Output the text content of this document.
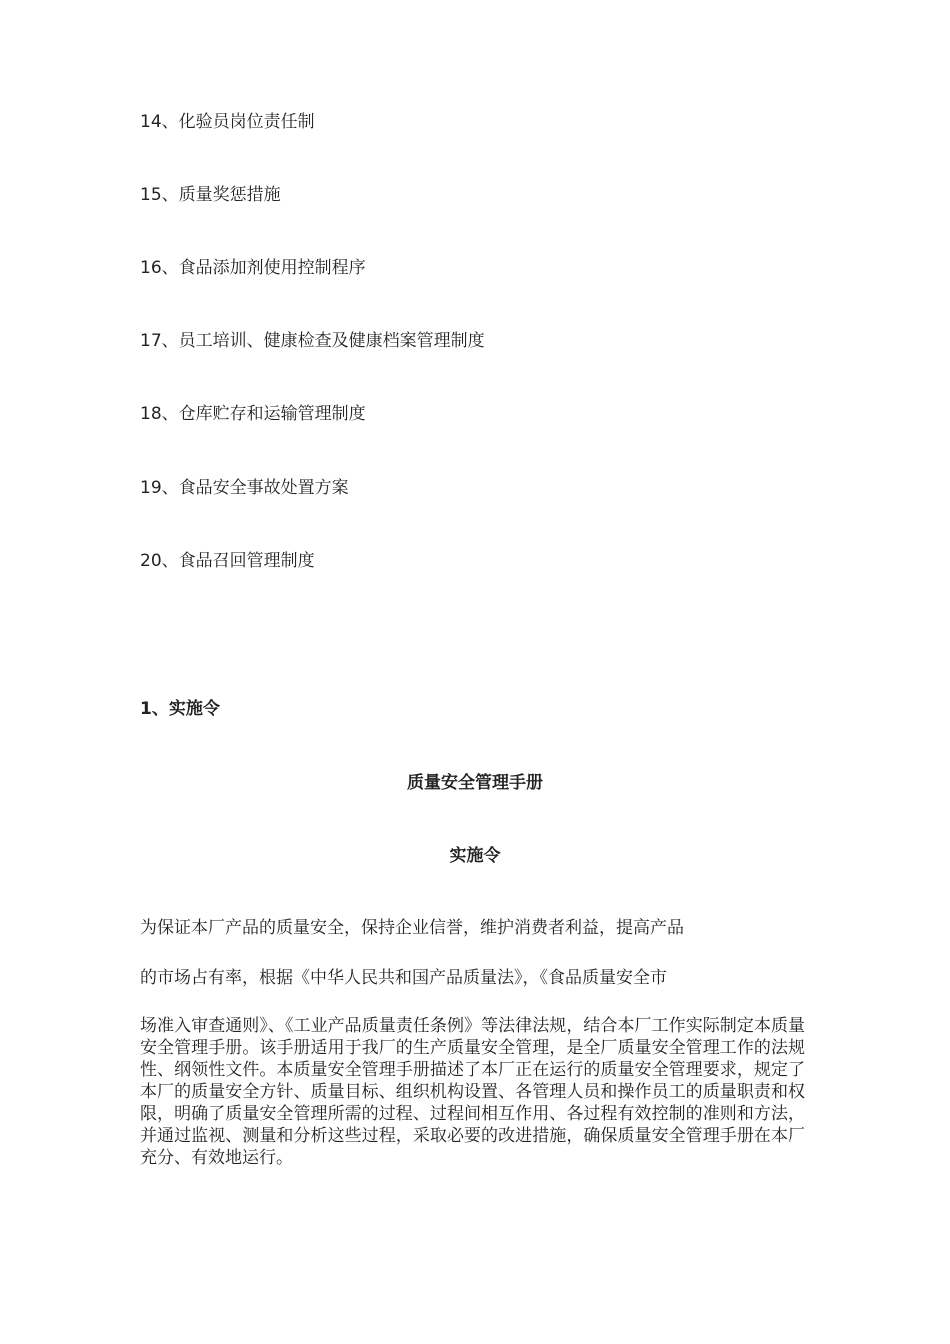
14、化验员岗位责任制
15、质量奖惩措施
16、食品添加剂使用控制程序
17、员工培训、健康检查及健康档案管理制度
18、仓库贮存和运输管理制度
19、食品安全事故处置方案
20、食品召回管理制度
1、实施令
质量安全管理手册
实施令
为保证本厂产品的质量安全，保持企业信誉，维护消费者利益，提高产品
的市场占有率，根据《中华人民共和国产品质量法》，《食品质量安全市
场准入审查通则》、《工业产品质量责任条例》等法律法规，结合本厂工作实际制定本质量安全管理手册。该手册适用于我厂的生产质量安全管理，是全厂质量安全管理工作的法规性、纲领性文件。本质量安全管理手册描述了本厂正在运行的质量安全管理要求，规定了本厂的质量安全方针、质量目标、组织机构设置、各管理人员和操作员工的质量职责和权限，明确了质量安全管理所需的过程、过程间相互作用、各过程有效控制的准则和方法，并通过监视、测量和分析这些过程，采取必要的改进措施，确保质量安全管理手册在本厂充分、有效地运行。
